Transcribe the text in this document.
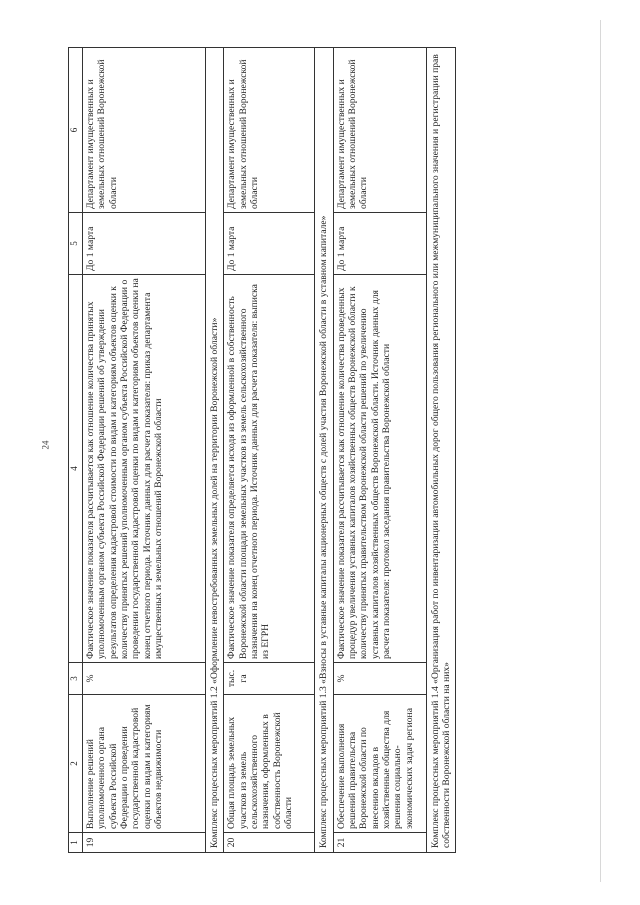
24
1	2	3	4	5	6
19	Выполнение решений уполномоченного органа субъекта Российской Федерации о проведении государственной кадастровой оценки по видам и категориям объектов недвижимости	%	Фактическое значение показателя рассчитывается как отношение количества принятых уполномоченным органом субъекта Российской Федерации решений об утверждении результатов определения кадастровой стоимости по видам и категориям объектов оценки к количеству принятых решений уполномоченным органом субъекта Российской Федерации о проведении государственной кадастровой оценки по видам и категориям объектов оценки на конец отчетного периода. Источник данных для расчета показателя: приказ департамента имущественных и земельных отношений Воронежской области	До 1 марта	Департамент имущественных и земельных отношений Воронежской области
Комплекс процессных мероприятий 1.2 «Оформление невостребованных земельных долей на территории Воронежской области»					
20	Общая площадь земельных участков из земель сельскохозяйственного назначения, оформленных в собственность Воронежской области	тыс. га	Фактическое значение показателя определяется исходя из оформленной в собственность Воронежской области площади земельных участков из земель сельскохозяйственного назначения на конец отчетного периода. Источник данных для расчета показателя: выписка из ЕГРН	До 1 марта	Департамент имущественных и земельных отношений Воронежской области
Комплекс процессных мероприятий 1.3 «Взносы в уставные капиталы акционерных обществ с долей участия Воронежской области в уставном капитале»					
21	Обеспечение выполнения решений правительства Воронежской области по внесению вкладов в хозяйственные общества для решения социально-экономических задач региона	%	Фактическое значение показателя рассчитывается как отношение количества проведенных процедур увеличения уставных капиталов хозяйственных обществ Воронежской области к количеству принятых правительством Воронежской области решений по увеличению уставных капиталов хозяйственных обществ Воронежской области. Источник данных для расчета показателя: протокол заседания правительства Воронежской области	До 1 марта	Департамент имущественных и земельных отношений Воронежской области
Комплекс процессных мероприятий 1.4 «Организация работ по инвентаризации автомобильных дорог общего пользования регионального или межмуниципального значения и регистрации прав собственности Воронежской области на них»					
